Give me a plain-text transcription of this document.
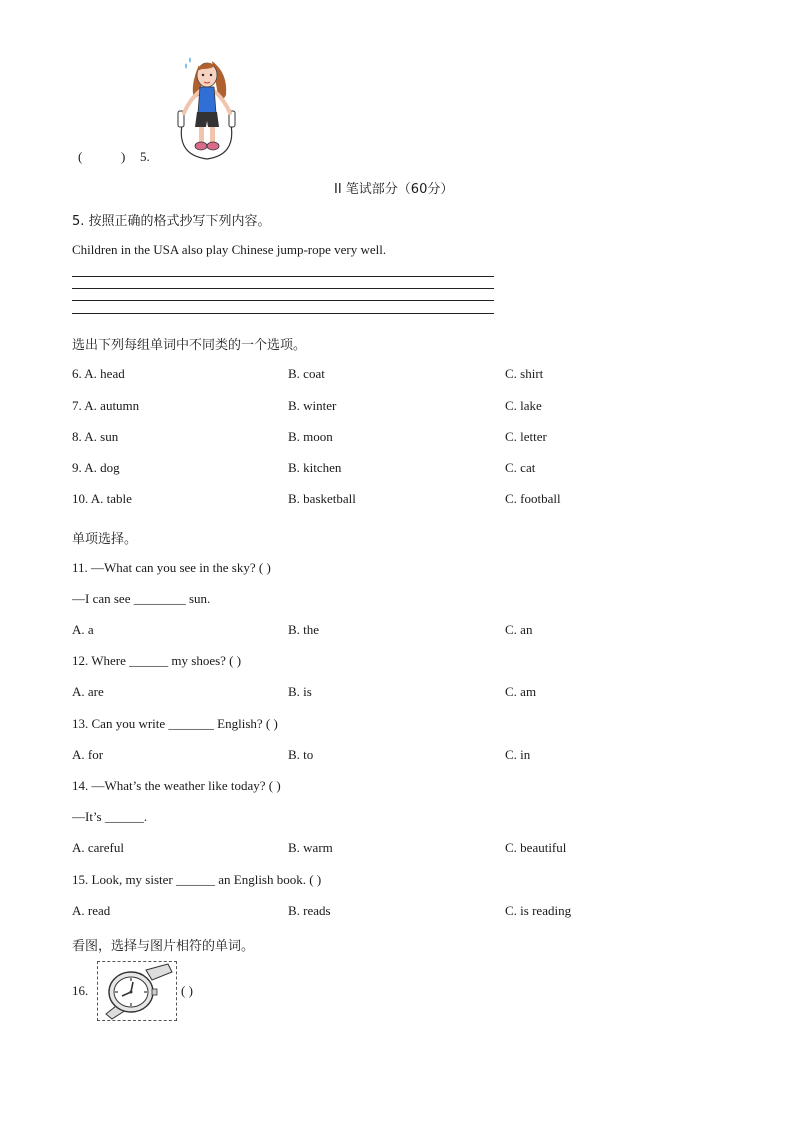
(	) 5.
II 笔试部分（60分）
5. 按照正确的格式抄写下列内容。
Children in the USA also play Chinese jump-rope very well.
选出下列每组单词中不同类的一个选项。
6. A. head	B. coat	C. shirt
7. A. autumn	B. winter	C. lake
8. A. sun	B. moon	C. letter
9. A. dog	B. kitchen	C. cat
10. A. table	B. basketball	C. football
单项选择。
11. —What can you see in the sky? ( )
—I can see ________ sun.
A. a	B. the	C. an
12. Where ______ my shoes? ( )
A. are	B. is	C. am
13. Can you write _______ English? ( )
A. for	B. to	C. in
14. —What’s the weather like today? ( )
—It’s ______.
A. careful	B. warm	C. beautiful
15. Look, my sister ______ an English book. ( )
A. read	B. reads	C. is reading
看图，选择与图片相符的单词。
16.	( )
